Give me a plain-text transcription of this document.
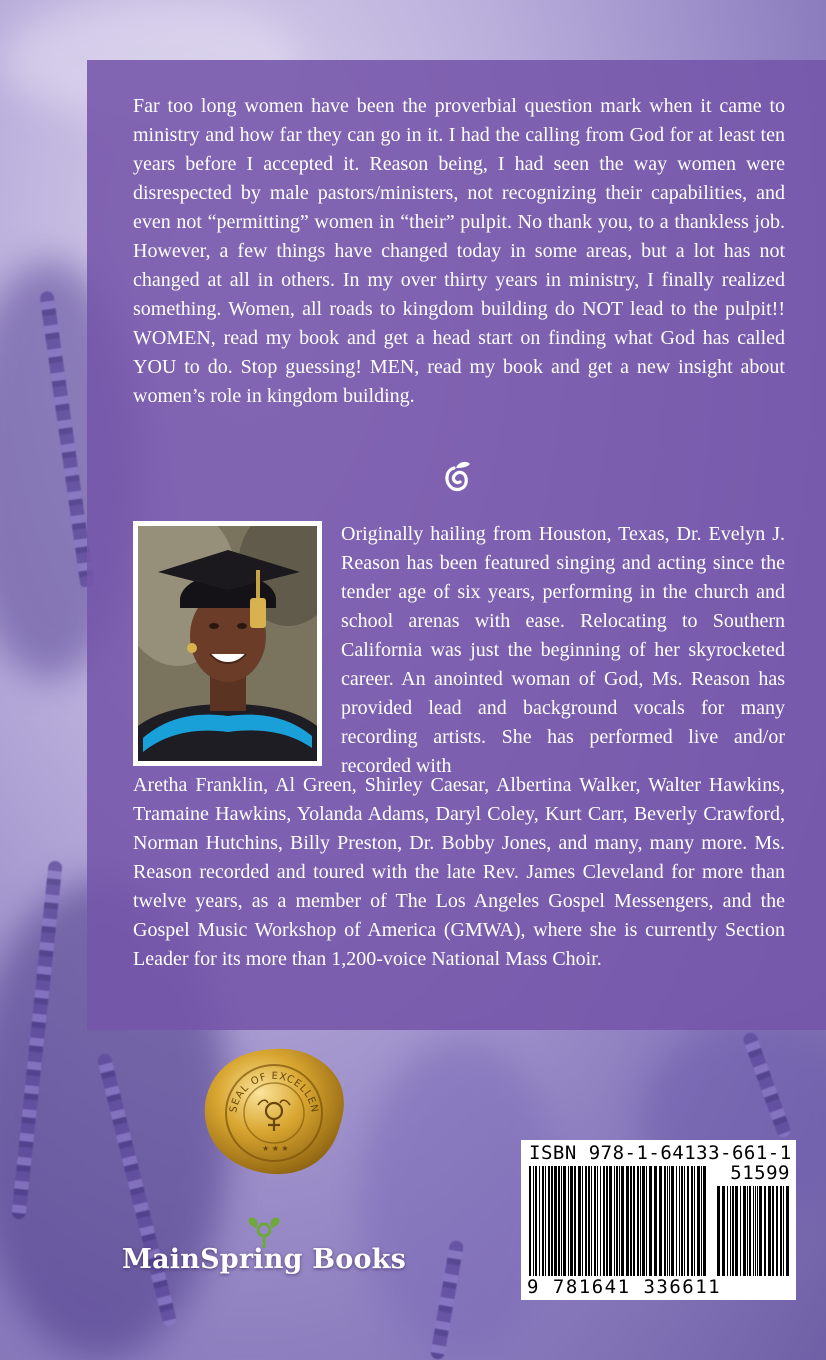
Far too long women have been the proverbial question mark when it came to ministry and how far they can go in it. I had the calling from God for at least ten years before I accepted it. Reason being, I had seen the way women were disrespected by male pastors/ministers, not recognizing their capabilities, and even not “permitting” women in “their” pulpit. No thank you, to a thankless job. However, a few things have changed today in some areas, but a lot has not changed at all in others. In my over thirty years in ministry, I finally realized something. Women, all roads to kingdom building do NOT lead to the pulpit!! WOMEN, read my book and get a head start on finding what God has called YOU to do. Stop guessing! MEN, read my book and get a new insight about women’s role in kingdom building.

Originally hailing from Houston, Texas, Dr. Evelyn J. Reason has been featured singing and acting since the tender age of six years, performing in the church and school arenas with ease. Relocating to Southern California was just the beginning of her skyrocketed career. An anointed woman of God, Ms. Reason has provided lead and background vocals for many recording artists. She has performed live and/or recorded with

Aretha Franklin, Al Green, Shirley Caesar, Albertina Walker, Walter Hawkins, Tramaine Hawkins, Yolanda Adams, Daryl Coley, Kurt Carr, Beverly Crawford, Norman Hutchins, Billy Preston, Dr. Bobby Jones, and many, many more. Ms. Reason recorded and toured with the late Rev. James Cleveland for more than twelve years, as a member of The Los Angeles Gospel Messengers, and the Gospel Music Workshop of America (GMWA), where she is currently Section Leader for its more than 1,200-voice National Mass Choir.

SEAL OF EXCELLEN
★ ★ ★
MainSpring Books
ISBN 978-1-64133-661-1
51599
9 781641 336611
